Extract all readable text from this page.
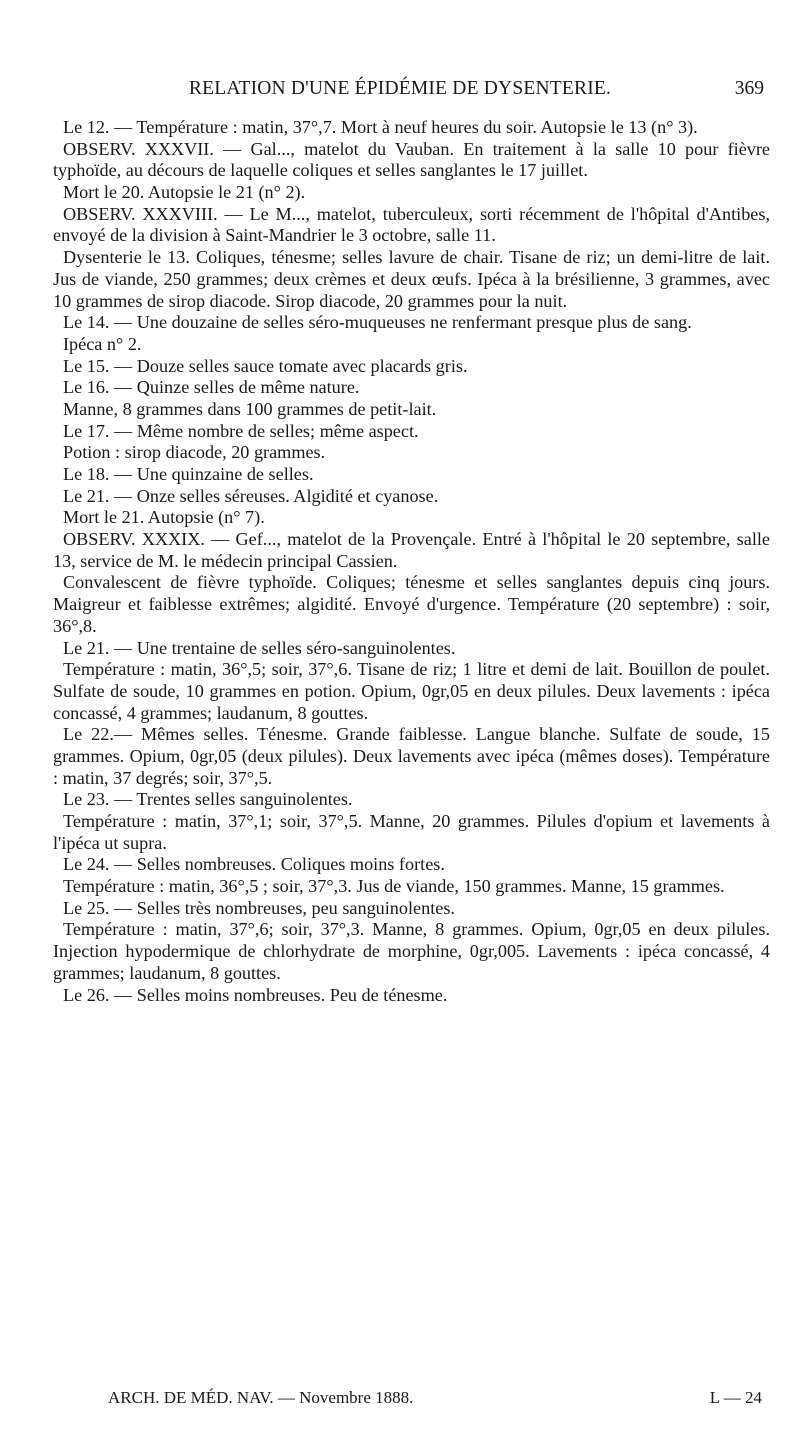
RELATION D'UNE ÉPIDÉMIE DE DYSENTERIE.	369

Le 12. — Température : matin, 37°,7. Mort à neuf heures du soir. Autopsie le 13 (n° 3).

OBSERV. XXXVII. — Gal..., matelot du Vauban. En traitement à la salle 10 pour fièvre typhoïde, au décours de laquelle coliques et selles sanglantes le 17 juillet.

Mort le 20. Autopsie le 21 (n° 2).

OBSERV. XXXVIII. — Le M..., matelot, tuberculeux, sorti récemment de l'hôpital d'Antibes, envoyé de la division à Saint-Mandrier le 3 octobre, salle 11.

Dysenterie le 13. Coliques, ténesme; selles lavure de chair. Tisane de riz; un demi-litre de lait. Jus de viande, 250 grammes; deux crèmes et deux œufs. Ipéca à la brésilienne, 3 grammes, avec 10 grammes de sirop diacode. Sirop diacode, 20 grammes pour la nuit.

Le 14. — Une douzaine de selles séro-muqueuses ne renfermant presque plus de sang.

Ipéca n° 2.

Le 15. — Douze selles sauce tomate avec placards gris.

Le 16. — Quinze selles de même nature.

Manne, 8 grammes dans 100 grammes de petit-lait.

Le 17. — Même nombre de selles; même aspect.

Potion : sirop diacode, 20 grammes.

Le 18. — Une quinzaine de selles.

Le 21. — Onze selles séreuses. Algidité et cyanose.

Mort le 21. Autopsie (n° 7).

OBSERV. XXXIX. — Gef..., matelot de la Provençale. Entré à l'hôpital le 20 septembre, salle 13, service de M. le médecin principal Cassien.

Convalescent de fièvre typhoïde. Coliques; ténesme et selles sanglantes depuis cinq jours. Maigreur et faiblesse extrêmes; algidité. Envoyé d'urgence. Température (20 septembre) : soir, 36°,8.

Le 21. — Une trentaine de selles séro-sanguinolentes.

Température : matin, 36°,5; soir, 37°,6. Tisane de riz; 1 litre et demi de lait. Bouillon de poulet. Sulfate de soude, 10 grammes en potion. Opium, 0gr,05 en deux pilules. Deux lavements : ipéca concassé, 4 grammes; laudanum, 8 gouttes.

Le 22.— Mêmes selles. Ténesme. Grande faiblesse. Langue blanche. Sulfate de soude, 15 grammes. Opium, 0gr,05 (deux pilules). Deux lavements avec ipéca (mêmes doses). Température : matin, 37 degrés; soir, 37°,5.

Le 23. — Trentes selles sanguinolentes.

Température : matin, 37°,1; soir, 37°,5. Manne, 20 grammes. Pilules d'opium et lavements à l'ipéca ut supra.

Le 24. — Selles nombreuses. Coliques moins fortes.

Température : matin, 36°,5 ; soir, 37°,3. Jus de viande, 150 grammes. Manne, 15 grammes.

Le 25. — Selles très nombreuses, peu sanguinolentes.

Température : matin, 37°,6; soir, 37°,3. Manne, 8 grammes. Opium, 0gr,05 en deux pilules. Injection hypodermique de chlorhydrate de morphine, 0gr,005. Lavements : ipéca concassé, 4 grammes; laudanum, 8 gouttes.

Le 26. — Selles moins nombreuses. Peu de ténesme.

ARCH. DE MÉD. NAV. — Novembre 1888.	L — 24
